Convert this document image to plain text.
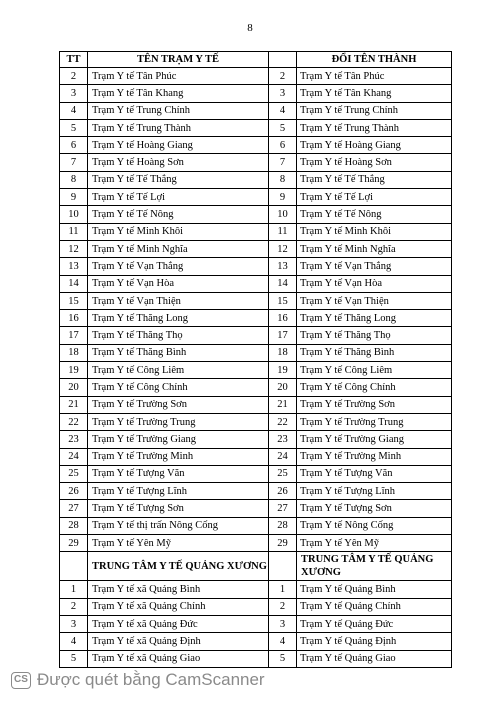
8
TT	TÊN TRẠM Y TẾ		ĐỔI TÊN THÀNH
2	Trạm Y tế Tân Phúc	2	Trạm Y tế Tân Phúc
3	Trạm Y tế Tân Khang	3	Trạm Y tế Tân Khang
4	Trạm Y tế Trung Chính	4	Trạm Y tế Trung Chính
5	Trạm Y tế Trung Thành	5	Trạm Y tế Trung Thành
6	Trạm Y tế Hoàng Giang	6	Trạm Y tế Hoàng Giang
7	Trạm Y tế Hoàng Sơn	7	Trạm Y tế Hoàng Sơn
8	Trạm Y tế Tế Thắng	8	Trạm Y tế Tế Thắng
9	Trạm Y tế Tế Lợi	9	Trạm Y tế Tế Lợi
10	Trạm Y tế Tế Nông	10	Trạm Y tế Tế Nông
11	Trạm Y tế Minh Khôi	11	Trạm Y tế Minh Khôi
12	Trạm Y tế Minh Nghĩa	12	Trạm Y tế Minh Nghĩa
13	Trạm Y tế Vạn Thắng	13	Trạm Y tế Vạn Thắng
14	Trạm Y tế Vạn Hòa	14	Trạm Y tế Vạn Hòa
15	Trạm Y tế Vạn Thiện	15	Trạm Y tế Vạn Thiện
16	Trạm Y tế Thăng Long	16	Trạm Y tế Thăng Long
17	Trạm Y tế Thăng Thọ	17	Trạm Y tế Thăng Thọ
18	Trạm Y tế Thăng Bình	18	Trạm Y tế Thăng Bình
19	Trạm Y tế Công Liêm	19	Trạm Y tế Công Liêm
20	Trạm Y tế Công Chính	20	Trạm Y tế Công Chính
21	Trạm Y tế Trường Sơn	21	Trạm Y tế Trường Sơn
22	Trạm Y tế Trường Trung	22	Trạm Y tế Trường Trung
23	Trạm Y tế Trường Giang	23	Trạm Y tế Trường Giang
24	Trạm Y tế Trường Minh	24	Trạm Y tế Trường Minh
25	Trạm Y tế Tượng Văn	25	Trạm Y tế Tượng Văn
26	Trạm Y tế Tượng Lĩnh	26	Trạm Y tế Tượng Lĩnh
27	Trạm Y tế Tượng Sơn	27	Trạm Y tế Tượng Sơn
28	Trạm Y tế thị trấn Nông Cống	28	Trạm Y tế Nông Cống
29	Trạm Y tế Yên Mỹ	29	Trạm Y tế Yên Mỹ
	TRUNG TÂM Y TẾ QUẢNG XƯƠNG		TRUNG TÂM Y TẾ QUẢNG XƯƠNG
1	Trạm Y tế xã Quảng Bình	1	Trạm Y tế Quảng Bình
2	Trạm Y tế xã Quảng Chính	2	Trạm Y tế Quảng Chính
3	Trạm Y tế xã Quảng Đức	3	Trạm Y tế Quảng Đức
4	Trạm Y tế xã Quảng Định	4	Trạm Y tế Quảng Định
5	Trạm Y tế xã Quảng Giao	5	Trạm Y tế Quảng Giao
CS Được quét bằng CamScanner
